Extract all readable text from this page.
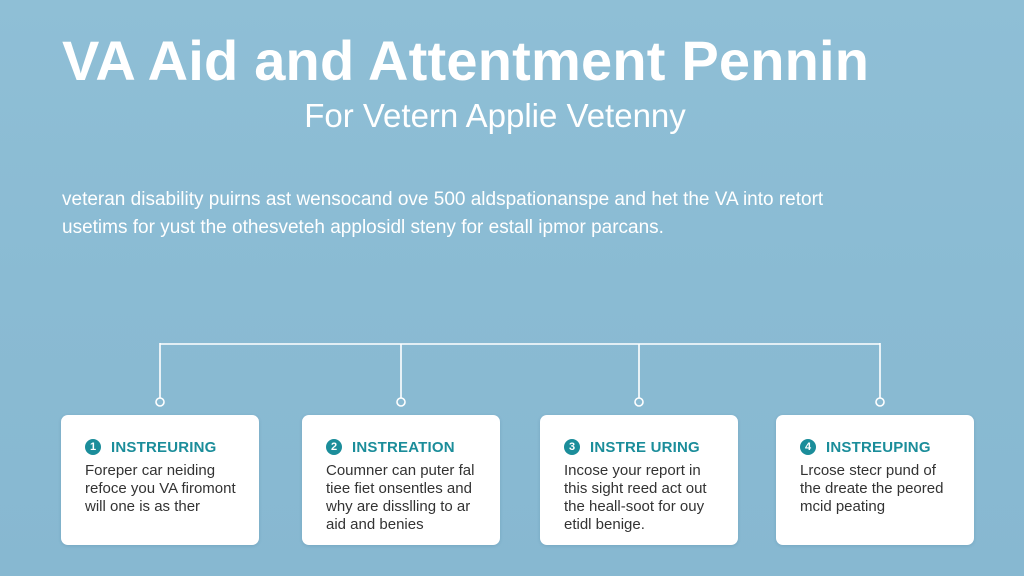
VA Aid and Attentment Pennin
For Vetern Applie Vetenny

veteran disability puirns ast wensocand ove 500 aldspationanspe and het the VA into retort
usetims for yust the othesveteh applosidl steny for estall ipmor parcans.

1 INSTREURING
Foreper car neiding
refoce you VA firomont
will one is as ther
2 INSTREATION
Coumner can puter fal
tiee fiet onsentles and
why are disslling to ar
aid and benies
3 INSTRE URING
Incose your report in
this sight reed act out
the heall-soot for ouy
etidl benige.
4 INSTREUPING
Lrcose stecr pund of
the dreate the peored
mcid peating
